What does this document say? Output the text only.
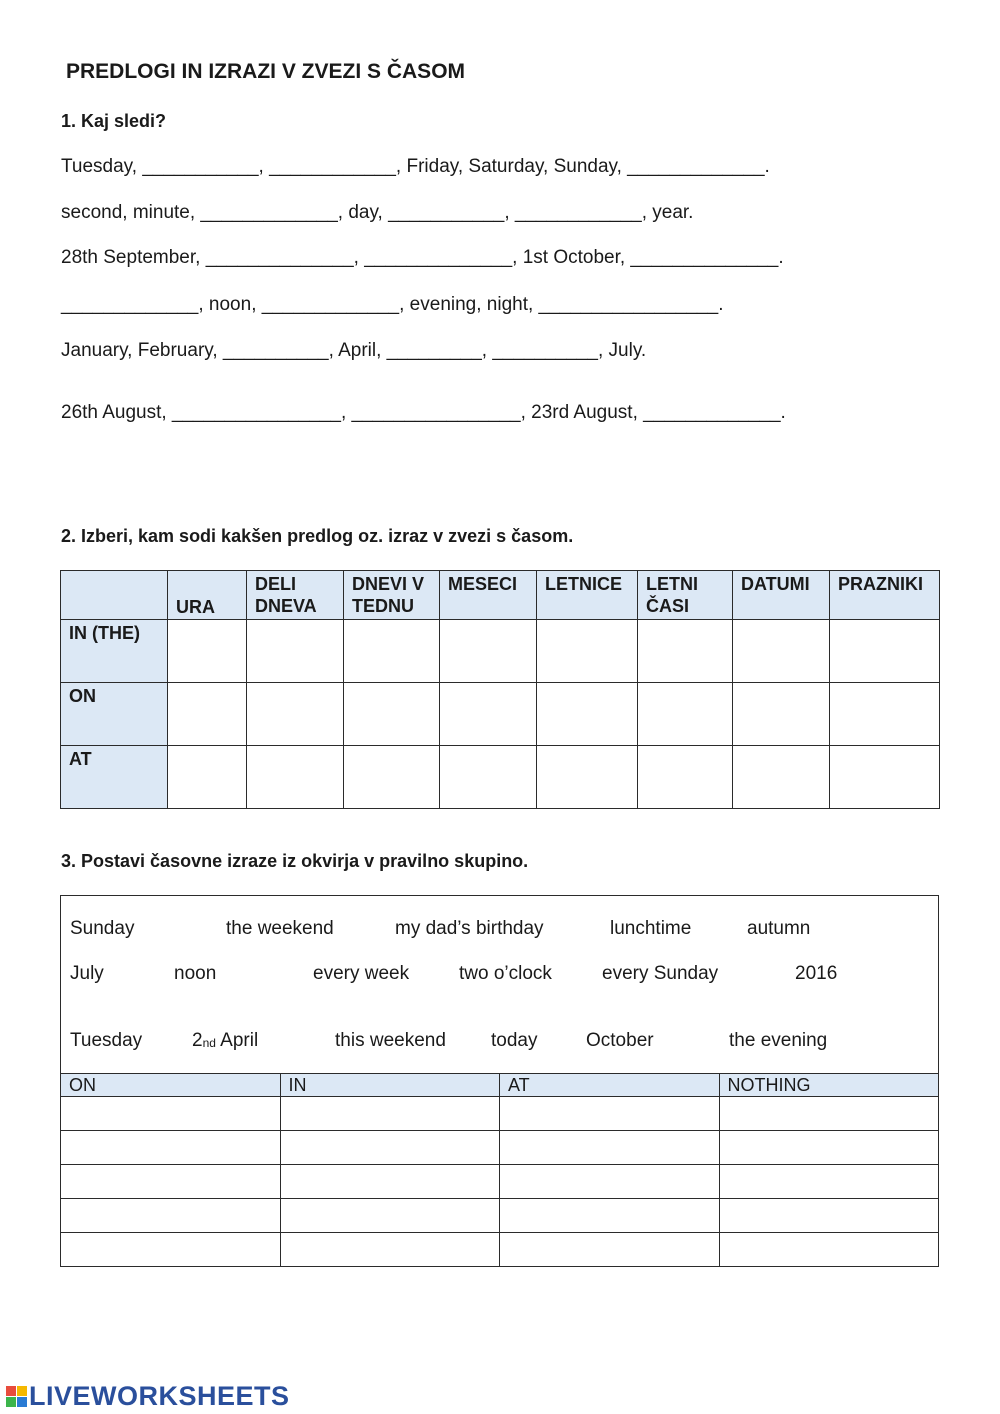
PREDLOGI IN IZRAZI V ZVEZI S ČASOM
1. Kaj sledi?
Tuesday, ___________, ____________, Friday, Saturday, Sunday, _____________.
second, minute, _____________, day, ___________, ____________, year.
28th September, ______________, ______________, 1st October, ______________.
_____________, noon, _____________, evening, night, _________________.
January, February, __________, April, _________, __________, July.
26th August, ________________, ________________, 23rd August, _____________.
2. Izberi, kam sodi kakšen predlog oz. izraz v zvezi s časom.
	URA	DELI
DNEVA	DNEVI V
TEDNU	MESECI	LETNICE	LETNI
ČASI	DATUMI	PRAZNIKI
IN (THE)								
ON								
AT								
3. Postavi časovne izraze iz okvirja v pravilno skupino.
Sunday	the weekend	my dad’s birthday	lunchtime	autumn
July	noon	every week	two o’clock	every Sunday	2016
Tuesday	$2_{nd}$ April	this weekend today	October	the evening
ON	IN	AT	NOTHING

LIVEWORKSHEETS
